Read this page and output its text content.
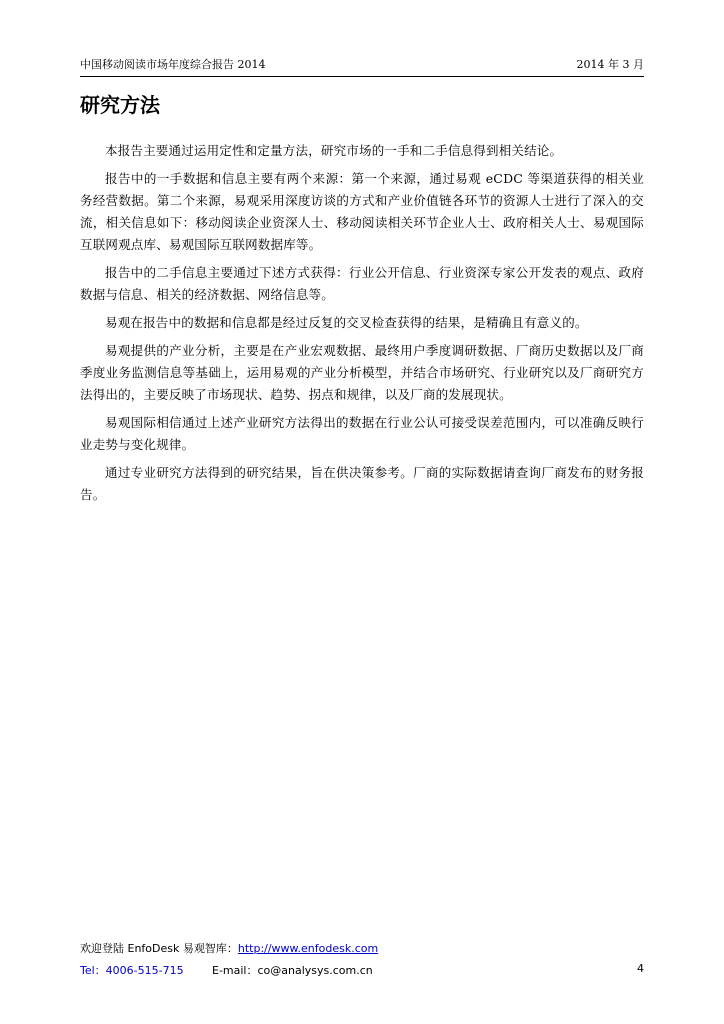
中国移动阅读市场年度综合报告 2014	2014 年 3 月
研究方法

本报告主要通过运用定性和定量方法，研究市场的一手和二手信息得到相关结论。

报告中的一手数据和信息主要有两个来源：第一个来源，通过易观 eCDC 等渠道获得的相关业务经营数据。第二个来源，易观采用深度访谈的方式和产业价值链各环节的资源人士进行了深入的交流，相关信息如下：移动阅读企业资深人士、移动阅读相关环节企业人士、政府相关人士、易观国际互联网观点库、易观国际互联网数据库等。

报告中的二手信息主要通过下述方式获得：行业公开信息、行业资深专家公开发表的观点、政府数据与信息、相关的经济数据、网络信息等。

易观在报告中的数据和信息都是经过反复的交叉检查获得的结果，是精确且有意义的。

易观提供的产业分析，主要是在产业宏观数据、最终用户季度调研数据、厂商历史数据以及厂商季度业务监测信息等基础上，运用易观的产业分析模型，并结合市场研究、行业研究以及厂商研究方法得出的，主要反映了市场现状、趋势、拐点和规律，以及厂商的发展现状。

易观国际相信通过上述产业研究方法得出的数据在行业公认可接受误差范围内，可以准确反映行业走势与变化规律。

通过专业研究方法得到的研究结果，旨在供决策参考。厂商的实际数据请查询厂商发布的财务报告。

欢迎登陆 EnfoDesk 易观智库：http://www.enfodesk.com
Tel：4006-515-715	E-mail：co@analysys.com.cn	4
